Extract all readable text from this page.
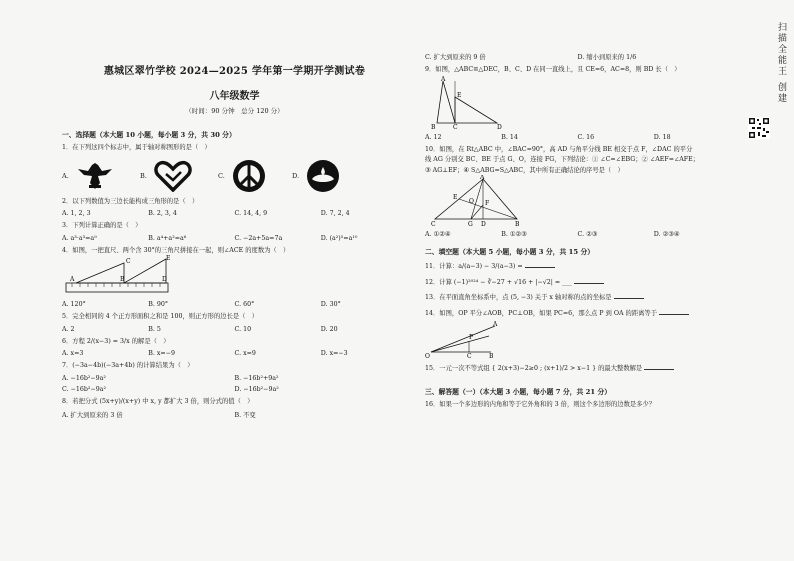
惠城区翠竹学校 2024—2025 学年第一学期开学测试卷
八年级数学
（时间：90 分钟　总分 120 分）
一、选择题（本大题 10 小题，每小题 3 分，共 30 分）
1．在下列这四个标志中，属于轴对称图形的是（　）
A.	B.	C.	D.
2．以下列数值为三边长能构成三角形的是（　）
A. 1, 2, 3	B. 2, 3, 4	C. 14, 4, 9	D. 7, 2, 4
3．下列计算正确的是（　）
A. a³·a³=a⁹	B. a⁴+a²=a⁶	C. −2a+5a=7a	D. (a²)⁵=a¹⁰
4．如图，一把直尺、两个含 30°的三角尺拼接在一起，则∠ACE 的度数为（　）
A	B
C
D
E
A. 120°	B. 90°	C. 60°	D. 30°
5．完全相同的 4 个正方形面积之和是 100，则正方形的边长是（　）
A. 2	B. 5	C. 10	D. 20
6．方程 2/(x−3) = 3/x 的解是（　）
A. x=3	B. x=−9	C. x=9	D. x=−3
7．(−3a−4b)(−3a+4b) 的计算结果为（　）
A. −16b²−9a²	B. −16b²+9a²
C. −16b²−9a²	D. −16b²−9a²
8．若把分式 (5x+y)/(x+y) 中 x, y 都扩大 3 倍，则分式的值（　）
A. 扩大到原来的 3 倍	B. 不变
C. 扩大到原来的 9 倍	D. 缩小到原来的 1/6
9．如图，△ABC≌△DEC，B、C、D 在同一直线上，且 CE=6，AC=8，则 BD 长（　）
A
E
B	C	D
A. 12	B. 14	C. 16	D. 18
10．如图，在 Rt△ABC 中，∠BAC=90°，高 AD 与角平分线 BE 相交于点 F，∠DAC 的平分
线 AG 分别交 BC、BE 于点 G、O，连接 FG，下列结论：① ∠C=∠EBG；② ∠AEF=∠AFE；
③ AG⊥EF；④ S△ABG=S△ABC，其中所有正确结论的序号是（　）
A
E
O F
C	G D	B
A. ①②④	B. ①②③	C. ②③	D. ②③④
二、填空题（本大题 5 小题，每小题 3 分，共 15 分）
11．计算：a/(a−3) − 3/(a−3) =
12．计算 (−1)²⁰²⁴ − ∛−27 + √16 + |−√2| = ___
13．在平面直角坐标系中，点 (5, −3) 关于 x 轴对称的点的坐标是
14．如图，OP 平分∠AOB，PC⊥OB，如果 PC=6，那么点 P 到 OA 的距离等于
A
P
O	C	B
15．一元一次不等式组 { 2(x+3)−2≥0 ; (x+1)/2 > x−1 } 的最大整数解是
三、解答题（一）（本大题 3 小题，每小题 7 分，共 21 分）
16．如果一个多边形的内角和等于它外角和的 3 倍，则这个多边形的边数是多少？
扫描全能王 创建
